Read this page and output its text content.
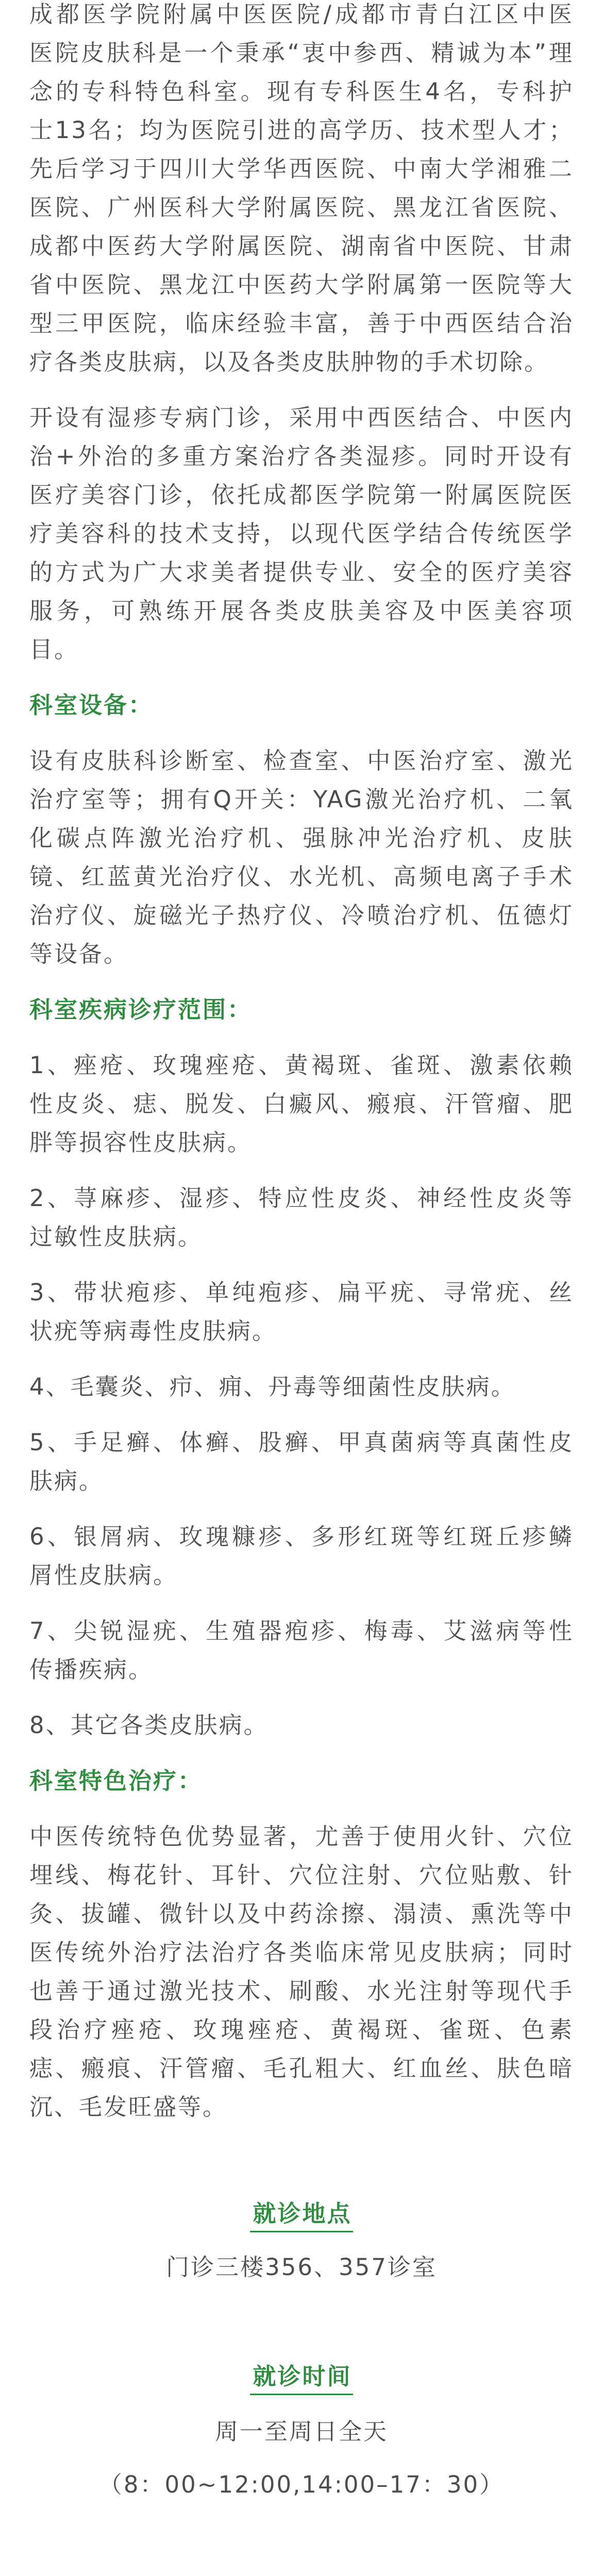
成都医学院附属中医医院/成都市青白江区中医
医院皮肤科是一个秉承“衷中参西、精诚为本”理
念的专科特色科室。现有专科医生4名，专科护
士13名；均为医院引进的高学历、技术型人才；
先后学习于四川大学华西医院、中南大学湘雅二
医院、广州医科大学附属医院、黑龙江省医院、
成都中医药大学附属医院、湖南省中医院、甘肃
省中医院、黑龙江中医药大学附属第一医院等大
型三甲医院，临床经验丰富，善于中西医结合治
疗各类皮肤病，以及各类皮肤肿物的手术切除。
开设有湿疹专病门诊，采用中西医结合、中医内
治+外治的多重方案治疗各类湿疹。同时开设有
医疗美容门诊，依托成都医学院第一附属医院医
疗美容科的技术支持，以现代医学结合传统医学
的方式为广大求美者提供专业、安全的医疗美容
服务，可熟练开展各类皮肤美容及中医美容项
目。
科室设备：
设有皮肤科诊断室、检查室、中医治疗室、激光
治疗室等；拥有Q开关：YAG激光治疗机、二氧
化碳点阵激光治疗机、强脉冲光治疗机、皮肤
镜、红蓝黄光治疗仪、水光机、高频电离子手术
治疗仪、旋磁光子热疗仪、冷喷治疗机、伍德灯
等设备。
科室疾病诊疗范围：
1、痤疮、玫瑰痤疮、黄褐斑、雀斑、激素依赖
性皮炎、痣、脱发、白癜风、瘢痕、汗管瘤、肥
胖等损容性皮肤病。
2、荨麻疹、湿疹、特应性皮炎、神经性皮炎等
过敏性皮肤病。
3、带状疱疹、单纯疱疹、扁平疣、寻常疣、丝
状疣等病毒性皮肤病。
4、毛囊炎、疖、痈、丹毒等细菌性皮肤病。
5、手足癣、体癣、股癣、甲真菌病等真菌性皮
肤病。
6、银屑病、玫瑰糠疹、多形红斑等红斑丘疹鳞
屑性皮肤病。
7、尖锐湿疣、生殖器疱疹、梅毒、艾滋病等性
传播疾病。
8、其它各类皮肤病。
科室特色治疗：
中医传统特色优势显著，尤善于使用火针、穴位
埋线、梅花针、耳针、穴位注射、穴位贴敷、针
灸、拔罐、微针以及中药涂擦、溻渍、熏洗等中
医传统外治疗法治疗各类临床常见皮肤病；同时
也善于通过激光技术、刷酸、水光注射等现代手
段治疗痤疮、玫瑰痤疮、黄褐斑、雀斑、色素
痣、瘢痕、汗管瘤、毛孔粗大、红血丝、肤色暗
沉、毛发旺盛等。
就诊地点
门诊三楼356、357诊室
就诊时间
周一至周日全天
（8：00~12:00,14:00–17：30）
